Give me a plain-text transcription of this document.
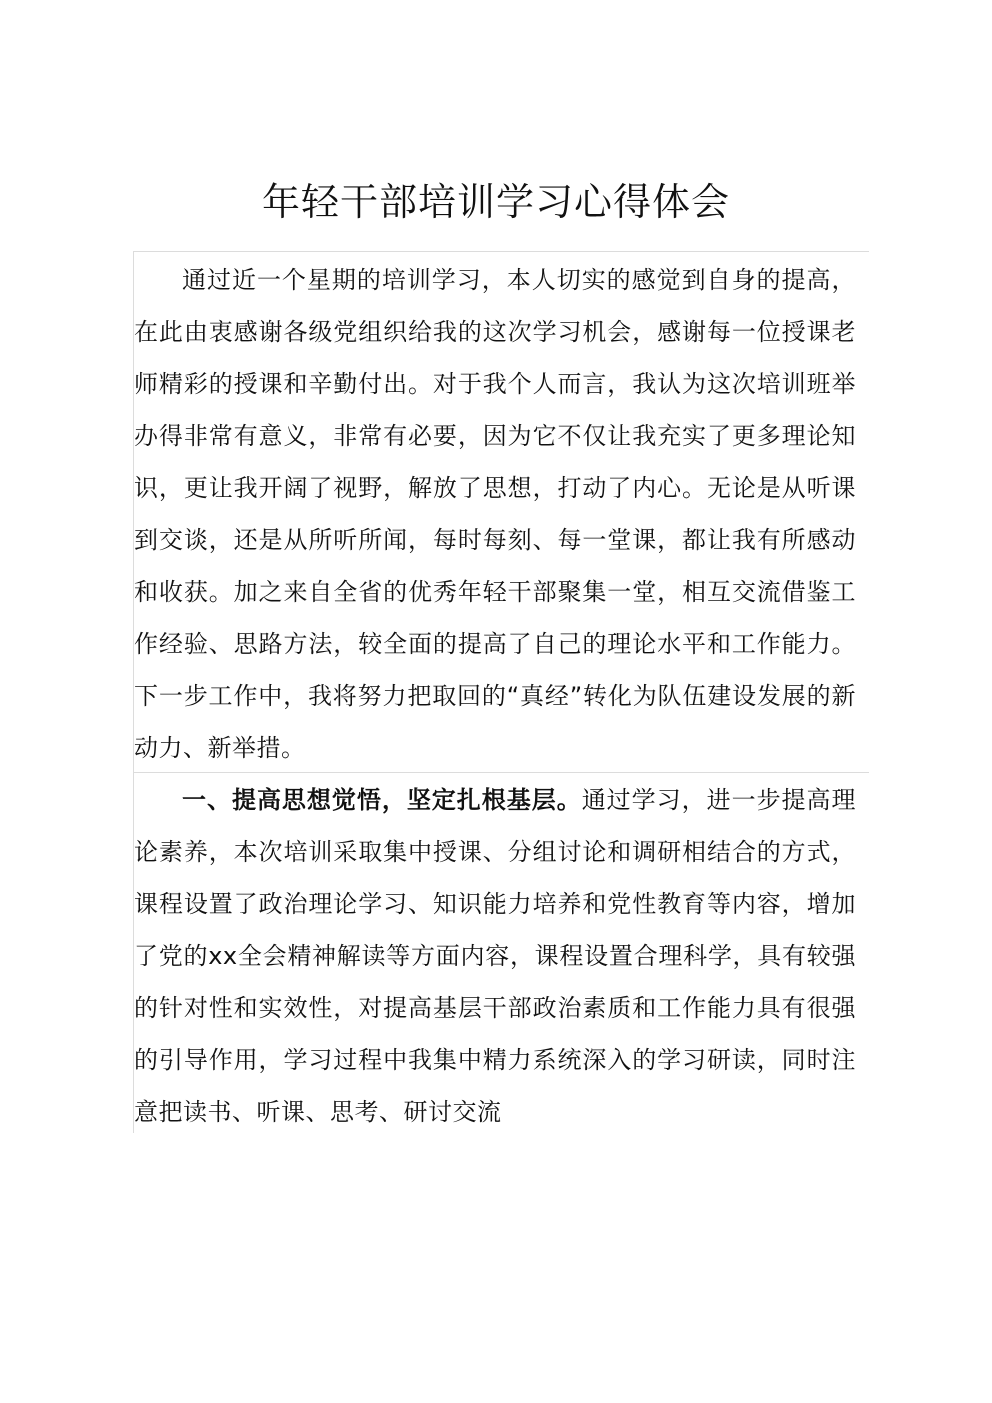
年轻干部培训学习心得体会

通过近一个星期的培训学习，本人切实的感觉到自身的提高，在此由衷感谢各级党组织给我的这次学习机会，感谢每一位授课老师精彩的授课和辛勤付出。对于我个人而言，我认为这次培训班举办得非常有意义，非常有必要，因为它不仅让我充实了更多理论知识，更让我开阔了视野，解放了思想，打动了内心。无论是从听课到交谈，还是从所听所闻，每时每刻、每一堂课，都让我有所感动和收获。加之来自全省的优秀年轻干部聚集一堂，相互交流借鉴工作经验、思路方法，较全面的提高了自己的理论水平和工作能力。下一步工作中，我将努力把取回的“真经”转化为队伍建设发展的新动力、新举措。

一、提高思想觉悟，坚定扎根基层。通过学习，进一步提高理论素养，本次培训采取集中授课、分组讨论和调研相结合的方式，课程设置了政治理论学习、知识能力培养和党性教育等内容，增加了党的xx全会精神解读等方面内容，课程设置合理科学，具有较强的针对性和实效性，对提高基层干部政治素质和工作能力具有很强的引导作用，学习过程中我集中精力系统深入的学习研读，同时注意把读书、听课、思考、研讨交流
